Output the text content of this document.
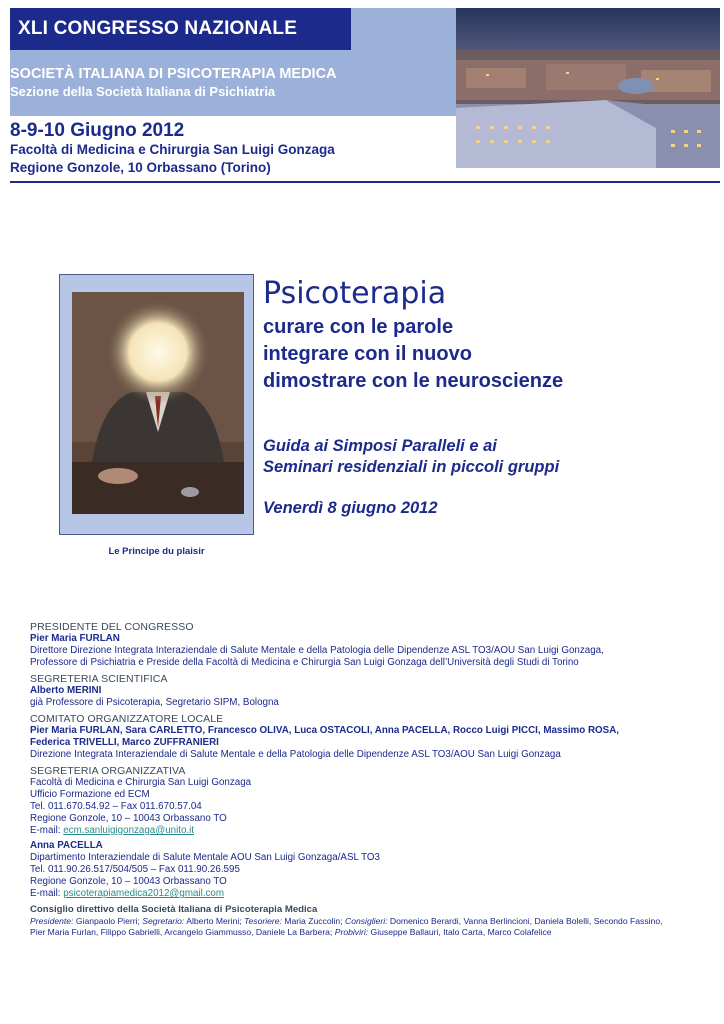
XLI CONGRESSO NAZIONALE
SOCIETÀ ITALIANA DI PSICOTERAPIA MEDICA
Sezione della Società Italiana di Psichiatria
8-9-10 Giugno 2012
Facoltà di Medicina e Chirurgia San Luigi Gonzaga
Regione Gonzole, 10 Orbassano (Torino)
Le Principe du plaisir
Psicoterapia
curare con le parole
integrare con il nuovo
dimostrare con le neuroscienze
Guida ai Simposi Paralleli e ai
Seminari residenziali in piccoli gruppi
Venerdì 8 giugno 2012
PRESIDENTE DEL CONGRESSO
Pier Maria FURLAN
Direttore Direzione Integrata Interaziendale di Salute Mentale e della Patologia delle Dipendenze ASL TO3/AOU San Luigi Gonzaga,
Professore di Psichiatria e Preside della Facoltà di Medicina e Chirurgia San Luigi Gonzaga dell’Università degli Studi di Torino
SEGRETERIA SCIENTIFICA
Alberto MERINI
già Professore di Psicoterapia, Segretario SIPM, Bologna
COMITATO ORGANIZZATORE LOCALE
Pier Maria FURLAN, Sara CARLETTO, Francesco OLIVA, Luca OSTACOLI, Anna PACELLA, Rocco Luigi PICCI, Massimo ROSA,
Federica TRIVELLI, Marco ZUFFRANIERI
Direzione Integrata Interaziendale di Salute Mentale e della Patologia delle Dipendenze ASL TO3/AOU San Luigi Gonzaga
SEGRETERIA ORGANIZZATIVA
Facoltà di Medicina e Chirurgia San Luigi Gonzaga
Ufficio Formazione ed ECM
Tel. 011.670.54.92 – Fax 011.670.57.04
Regione Gonzole, 10 – 10043 Orbassano TO
E-mail: ecm.sanluigigonzaga@unito.it
Anna PACELLA
Dipartimento Interaziendale di Salute Mentale AOU San Luigi Gonzaga/ASL TO3
Tel. 011.90.26.517/504/505 – Fax 011.90.26.595
Regione Gonzole, 10 – 10043 Orbassano TO
E-mail: psicoterapiamedica2012@gmail.com
Consiglio direttivo della Società Italiana di Psicoterapia Medica
Presidente: Gianpaolo Pierri; Segretario: Alberto Merini; Tesoriere: Maria Zuccolin; Consiglieri: Domenico Berardi, Vanna Berlincioni, Daniela Bolelli, Secondo Fassino,
Pier Maria Furlan, Filippo Gabrielli, Arcangelo Giammusso, Daniele La Barbera; Probiviri: Giuseppe Ballauri, Italo Carta, Marco Colafelice
